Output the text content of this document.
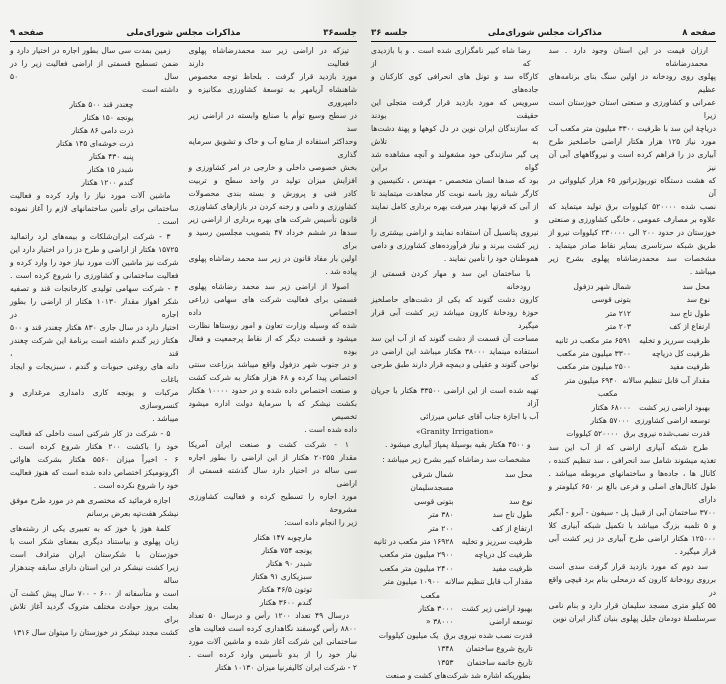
جلسه۳۶
مذاکرات مجلس شورای‌ملی
صفحه ۹
تیزکه در اراضی زیر سد محمدرضاشاه پهلوی فعالیت دارند
مورد بازدید قرار گرفت . بلحاظ توجه مخصوص
شاهنشاه آریامهر به توسعهٔ کشاورزی مکانیزه و دامپروری
در سطح وسیع توأم با صنایع وابسته در اراضی زیر سد
وحداکثر استفاده از منابع آب و خاک و تشویق سرمایه گذاری
بخش خصوصی داخلی و خارجی در امر کشاورزی و
افزایش میزان تولید در واحد سطح و تربیت
کادر فنی و پرورش و بسته بندی محصولات
کشاورزی و دامی و رخنه کردن در بازارهای کشاورزی
قانون تأسیس شرکت های بهره برداری از اراضی زیر
سدها در ششم خرداد ۴۷ بتصویب مجلسین رسید و برای
اولین بار مفاد قانون در زیر سد محمد رضاشاه پهلوی
پیاده شد .
اصولا از اراضی زیر سد محمد رضاشاه پهلوی
قسمتی برای فعالیت شرکت های سهامی زراعی اختصاص داده
شده که وسیله وزارت تعاون و امور روستاها نظارت
میشود و قسمت دیگر که از نقاط پرجمعیت و فعال بوده
و در جنوب شهر دزفول واقع میباشد بزراعت سنتی
اختصاص پیدا کرده و ۶۸ هزار هکتار به شرکت کشت
و صنعت اختصاص داده شده و در حدود ۱۰۰۰۰ هکتار
بکشت نیشکر که با سرمایهٔ دولت اداره میشود تخصیص
داده شده است .
۱ - شرکت کشت و صنعت ایران آمریکا
مقدار ۲۰۲۵۵ هکتار از این اراضی را بطور اجاره
سی ساله در اختیار دارد سال گذشته قسمتی از اراضی
مورد اجاره را تسطیح کرده و فعالیت کشاورزی مشروحهٔ
زیر را انجام داده است:
مارچوبه ۱۴۷ هکتار
یونجه ۷۵۴ هکتار
شبدر ۹۰ هکتار
سبزیکاری ۹۱ هکتار
توتون ۴۶/۵ هکتار
گندم ۳۶۰۰ هکتار
درسال ۴۹ تعداد ۱۲۰۰ رأس و درسال ۵۰ تعداد
۸۸۰۰ رأس گوسفند نگاهداری کرده است فعالیت های
ساختمانی این شرکت آغاز شده و ماشین آلات مورد
نیاز خود را از بدو تأسیس وارد کرده است .
۲ - شرکت ایران کالیفرنیا میزان ۱۰۱۳۰ هکتار
زمین بمدت سی سال بطور اجاره در اختیار دارد و
ضمن تسطیح قسمتی از اراضی فعالیت زیر را در سال ۵۰
داشته است
چغندر قند ۵۰۰ هکتار
یونجه ۱۵۰ هکتار
ذرت دامی ۸۶ هکتار
ذرت خوشه‌ای ۱۴۵ هکتار
پنبه ۴۳۰ هکتار
شبدر ۱۵ هکتار
گندم ۱۲۰۰ هکتار
ماشین آلات مورد نیاز را وارد کرده و فعالیت
ساختمانی برای تأمین ساختمانهای لازم را آغاز نموده
است .
۳ - شرکت ایران‌شلکات و بیمه‌های لرد راتمالید
۱۵۷۲۵ هکتار از اراضی و طرح دز را در اختیار دارد این
شرکت نیز ماشین آلات مورد نیاز خود را وارد کرده و
فعالیت ساختمانی و کشاورزی را شروع کرده است .
۴ - شرکت سهامی تولیدی کارخانجات قند و تصفیه
شکر اهواز مقدار ۱۰۱۳۰ هکتار از اراضی را بطور اجاره در
اختیار دارد در سال جاری ۸۳۰ هکتار چغندر قند و ۵۰۰
هکتار زیر گندم داشته است برنامهٔ این شرکت چغندر قند ،
دانه های روغنی حبوبات و گندم ، سبزیجات و ایجاد باغات
مرکبات و یونجه کاری دامداری مرغداری و کنسروسازی
میباشد .
۵ - شرکت دز کار شرکتی است داخلی که فعالیت
خود را باکشت ۲۰۰ هکتار شروع کرده است .
۶ - اخیراً میزان ۵۵۶۰ هکتار بشرکت هاوائی
اگرونومیکز اختصاص داده شده است که هنوز فعالیت
خود را شروع نکرده است .
اجازه فرمائید که مختصری هم در مورد طرح موفق
نیشکر هفت‌تپه بعرض برسانم
کلمهٔ هوز یا خوز که به تعبیری یکی از رشته‌های
زبان پهلوی و بیاستناد دیگری بمعنای شکر است با
خوزستان با شکرستان ایران مترادف است
زیرا کشت نیشکر در این استان دارای سابقه چندهزار ساله
است و متأسفانه از ۶۰۰ - ۷۰۰ سال پیش کشت آن
بعلت بروز حوادث مختلف متروک گردید آغاز تلاش برای
کشت مجدد نیشکر در خوزستان را میتوان سال ۱۳۱۶
صفحه ۸
مذاکرات مجلس شورای‌ملی
جلسه ۳۶
ارزان قیمت در این استان وجود دارد . سد محمدرضاشاه
پهلوی روی رودخانه دز اولین سنگ بنای برنامه‌های عظیم
عمرانی و کشاورزی و صنعتی استان خوزستان است زیرا
دریاچهٔ این سد با ظرفیت ۳۳۰۰ میلیون متر مکعب آب
مورد نیاز ۱۲۵ هزار هکتار اراضی حاصلخیز طرح
آبیاری دز را فراهم کرده است و نیروگاههای آبی آن نیز
که هشت دستگاه توربوژنراتور ۶۵ هزار کیلوواتی در آن
نصب شده ۵۲۰۰۰۰ کیلووات برق تولید میتماید که
علاوه بر مصارف عمومی ، خانگی کشاورزی و صنعتی
خوزستان در حدود ۲۰۰ الی ۲۳۰۰۰۰ کیلووات نیرو از
طریق شبکه سرتاسری بسایر نقاط صادر میتماید .
مشخصات سد محمدرضاشاه پهلوی بشرح زیر
میباشد .
محل سد
شمال شهر دزفول
نوع سد
بتونی قوسی
طول تاج سد
۲۱۲ متر
ارتفاع از کف
۲۰۳ متر
ظرفیت سرریز و تخلیه
۶۵۹۱ متر مکعب در ثانیه
ظرفیت کل دریاچه
۳۳۰۰ میلیون متر مکعب
ظرفیت مفید
۲۵۰۰ میلیون متر مکعب
مقدار آب قابل تنظیم سالانه
۶۹۴۰ میلیون متر مکعب
بهبود اراضی زیر کشت
۶۸۰۰۰ هکتار
توسعه اراضی کشاورزی
۵۷۰۰۰ هکتار
قدرت نصب‌شده نیروی برق
۵۲۰۰۰۰ کیلووات
طرح شبکه آبیاری اراضی که از آب این سد
تغذیه میشوند شامل سد انحرافی ، سد تنظیم کننده ،
کانال ها ، جاده‌ها و ساختمانهای مربوطه میباشد .
طول کانال‌های اصلی و فرعی بالغ بر ۶۵۰ کیلومتر و دارای
۳۷۰۰ ساختمان آبی از قبیل پل - سیفون - آبرو - آبگیر
و ۵ تلمبه بزرگ میباشد با تکمیل شبکه آبیاری کلا
۱۲۵۰۰۰ هکتار اراضی طرح آبیاری دز زیر کشت آبی
قرار میگیرد .
سد دوم که مورد بازدید قرار گرفت سدی است
برروی رودخانهٔ کارون که درمحلی بنام برد قیچی واقع در
۵۵ کیلو متری مسجد سلیمان قرار دارد و بنام نامی
سرسلسلهٔ دودمان جلیل پهلوی بنیان گذار ایران نوین
رضا شاه کبیر نامگزاری شده است . و با بازدیدی که از
کارگاه سد و تونل های انحرافی کوی کارکنان و جاده‌های
سرویس که مورد بازدید قرار گرفت متجلی این حقیقت بودند
که سازندگان ایران نوین در دل کوهها و پهنهٔ دشت‌ها به تلاش
پی گیر سازندگی خود مشغولند و آنچه مشاهده شد گواه براین
بود که صدها انسان متخصص - مهندس ، تکنیسین و
کارگر شبانه روز باسه نوبت کار مجاهدت میتمایند تا
از آبی که قرنها بهدر میرفت بهره برداری کامل نمایند و از
نیروی پتانسیل آن استفاده نمایند و اراضی بیشتری را
زیر کشت ببرند و نیاز فرآورده‌های کشاورزی و دامی
هموطنان خود را تأمین نمایند .
با ساختمان این سد و مهار کردن قسمتی از رودخانه
کارون دشت گتوند که یکی از دشت‌های حاصلخیز
حوزهٔ رودخانهٔ کارون میباشد زیر کشت آبی قرار میگیرد
مساحت آن قسمت از دشت گتوند که از آب این سد
استفاده مینماید ۳۸۰۰۰ هکتار میباشد این اراضی در
نواحی گتوند و عقیلی و دیمچه قرار دارند طبق طرحی که
تهیه شده است از این اراضی ۳۳۵۰۰ هکتار با جریان آزاد
آب با اجازهٔ جناب آقای عباس میرزائی
«Granity Irrigation»
و ۴۵۰۰ هکتار بقیه بوسیلهٔ پمپاژ آبیاری میشود .
مشخصات سد رضاشاه کبیر بشرح زیر میباشد :
محل سد
شمال شرقی مسجدسلیمان
نوع سد
بتونی قوسی
طول تاج سد
۳۸۰ متر
ارتفاع از کف
۲۰۰ متر
ظرفیت سرریز و تخلیه
۱۶۹۲۸ متر مکعب در ثانیه
ظرفیت کل دریاچه
۲۹۰۰ میلیون متر مکعب
ظرفیت مفید
۲۴۰۰ میلیون متر مکعب
مقدار آب قابل تنظیم سالانه
۱۰۹۰۰ میلیون متر مکعب
بهبود اراضی زیر کشت
۳۰۰۰ هکتار
توسعه اراضی
۳۸۰۰۰ «
قدرت نصب شده نیروی برق
یک میلیون کیلووات
تاریخ شروع ساختمان
۱۳۴۸
تاریخ خاتمه ساختمان
۱۳۵۳
بطوریکه اشاره شد شرکت‌های کشت و صنعت
